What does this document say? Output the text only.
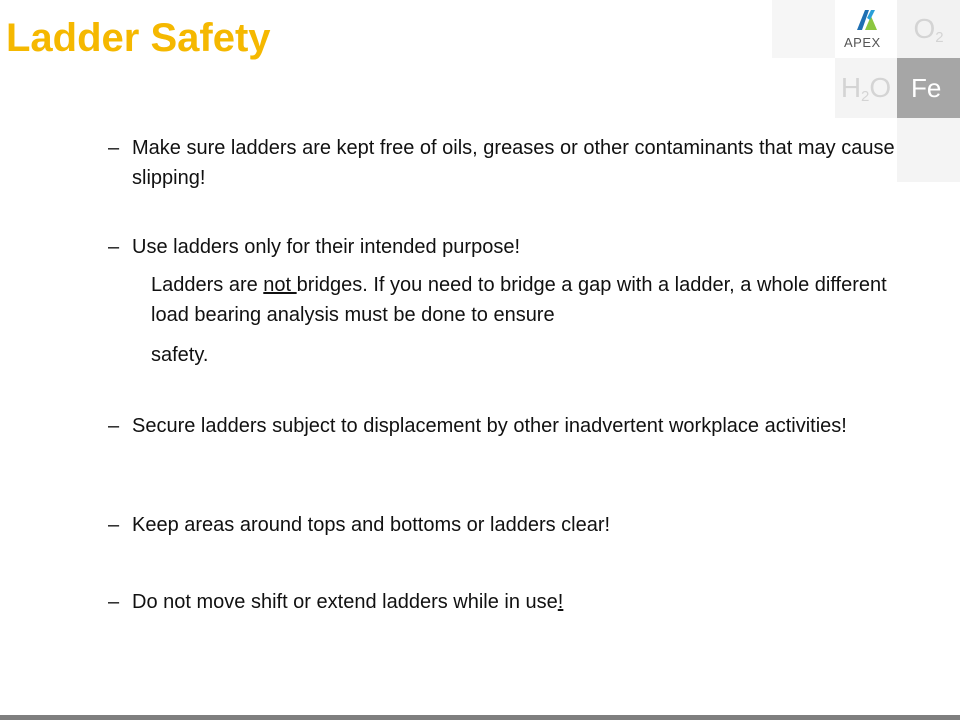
Ladder Safety	APEX O 2
H 2 O Fe
– Make sure ladders are kept free of oils, greases or other contaminants that may cause slipping!
– Use ladders only for their intended purpose!
Ladders are not bridges. If you need to bridge a gap with a ladder, a whole different load bearing analysis must be done to ensure
safety.
– Secure ladders subject to displacement by other inadvertent workplace activities!
– Keep areas around tops and bottoms or ladders clear!
– Do not move shift or extend ladders while in use!
